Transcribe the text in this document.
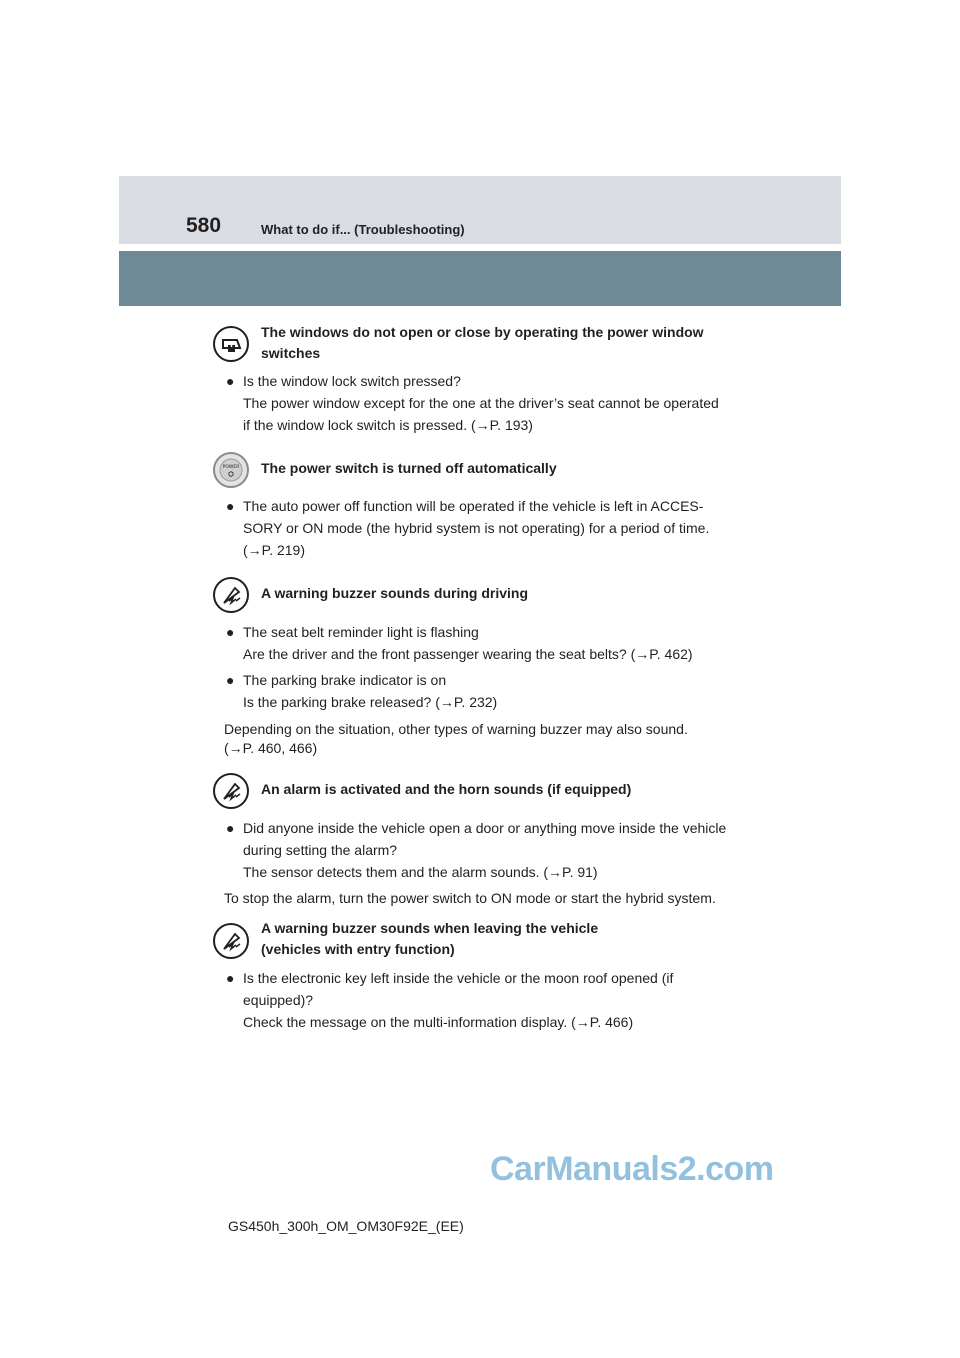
580	What to do if... (Troubleshooting)
The windows do not open or close by operating the power window
switches
● Is the window lock switch pressed?
The power window except for the one at the driver’s seat cannot be operated
if the window lock switch is pressed. (→P. 193)
POWER The power switch is turned off automatically
● The auto power off function will be operated if the vehicle is left in ACCES-
SORY or ON mode (the hybrid system is not operating) for a period of time.
(→P. 219)
A warning buzzer sounds during driving
● The seat belt reminder light is flashing
Are the driver and the front passenger wearing the seat belts? (→P. 462)
● The parking brake indicator is on
Is the parking brake released? (→P. 232)
Depending on the situation, other types of warning buzzer may also sound.
(→P. 460, 466)
An alarm is activated and the horn sounds (if equipped)
● Did anyone inside the vehicle open a door or anything move inside the vehicle
during setting the alarm?
The sensor detects them and the alarm sounds. (→P. 91)
To stop the alarm, turn the power switch to ON mode or start the hybrid system.
A warning buzzer sounds when leaving the vehicle
(vehicles with entry function)
● Is the electronic key left inside the vehicle or the moon roof opened (if
equipped)?
Check the message on the multi-information display. (→P. 466)
CarManuals2.com
GS450h_300h_OM_OM30F92E_(EE)
